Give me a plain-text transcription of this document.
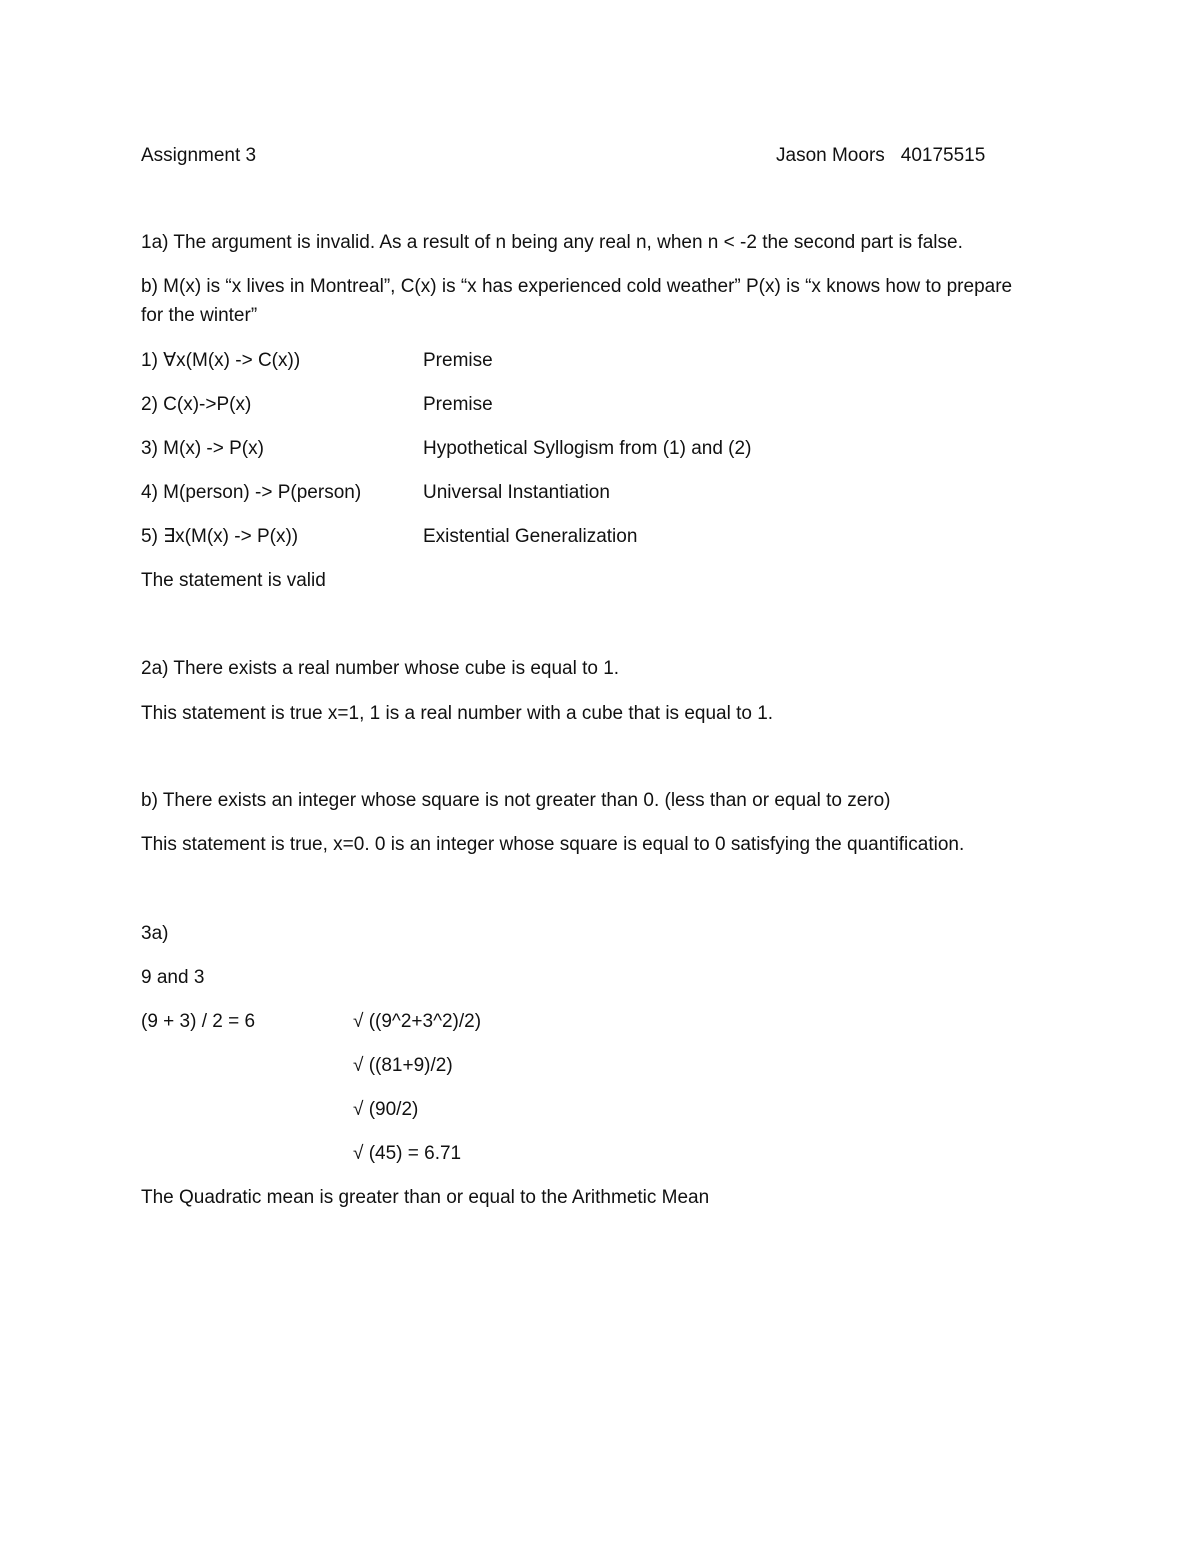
Assignment 3	Jason Moors 40175515
1a) The argument is invalid. As a result of n being any real n, when n < -2 the second part is false.
b) M(x) is “x lives in Montreal”, C(x) is “x has experienced cold weather” P(x) is “x knows how to prepare
for the winter”
1) ∀x(M(x) -> C(x))	Premise
2) C(x)->P(x)	Premise
3) M(x) -> P(x)	Hypothetical Syllogism from (1) and (2)
4) M(person) -> P(person)	Universal Instantiation
5) ∃x(M(x) -> P(x))	Existential Generalization
The statement is valid
2a) There exists a real number whose cube is equal to 1.
This statement is true x=1, 1 is a real number with a cube that is equal to 1.
b) There exists an integer whose square is not greater than 0. (less than or equal to zero)
This statement is true, x=0. 0 is an integer whose square is equal to 0 satisfying the quantification.
3a)
9 and 3
(9 + 3) / 2 = 6	√ ((9^2+3^2)/2)
√ ((81+9)/2)
√ (90/2)
√ (45) = 6.71
The Quadratic mean is greater than or equal to the Arithmetic Mean
